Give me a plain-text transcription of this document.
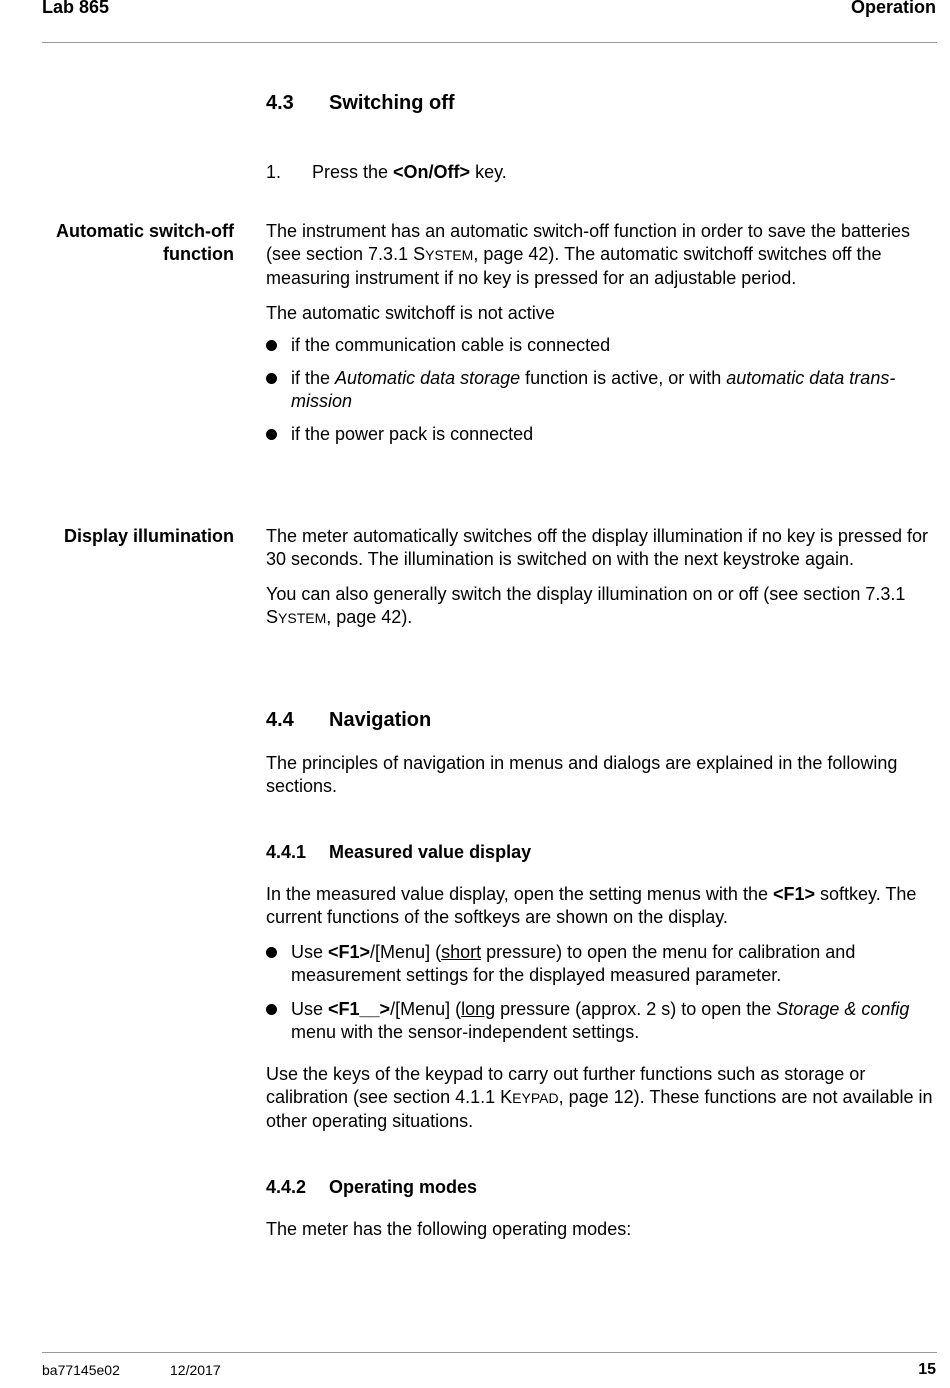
Lab 865	Operation
4.3 Switching off
1. Press the <On/Off> key.
Automatic switch-off
function

The instrument has an automatic switch-off function in order to save the batteries (see section 7.3.1 SYSTEM, page 42). The automatic switchoff switches off the measuring instrument if no key is pressed for an adjustable period.

The automatic switchoff is not active

if the communication cable is connected
if the Automatic data storage function is active, or with automatic data trans-
mission
if the power pack is connected
Display illumination The meter automatically switches off the display illumination if no key is pressed for 30 seconds. The illumination is switched on with the next keystroke again.

You can also generally switch the display illumination on or off (see section 7.3.1 SYSTEM, page 42).

4.4 Navigation

The principles of navigation in menus and dialogs are explained in the following sections.

4.4.1 Measured value display

In the measured value display, open the setting menus with the <F1> softkey. The current functions of the softkeys are shown on the display.

Use <F1>/[Menu] (short pressure) to open the menu for calibration and measurement settings for the displayed measured parameter.
Use <F1__>/[Menu] (long pressure (approx. 2 s) to open the Storage & config menu with the sensor-independent settings.

Use the keys of the keypad to carry out further functions such as storage or calibration (see section 4.1.1 KEYPAD, page 12). These functions are not available in other operating situations.

4.4.2 Operating modes

The meter has the following operating modes:

ba77145e02	12/2017	15
